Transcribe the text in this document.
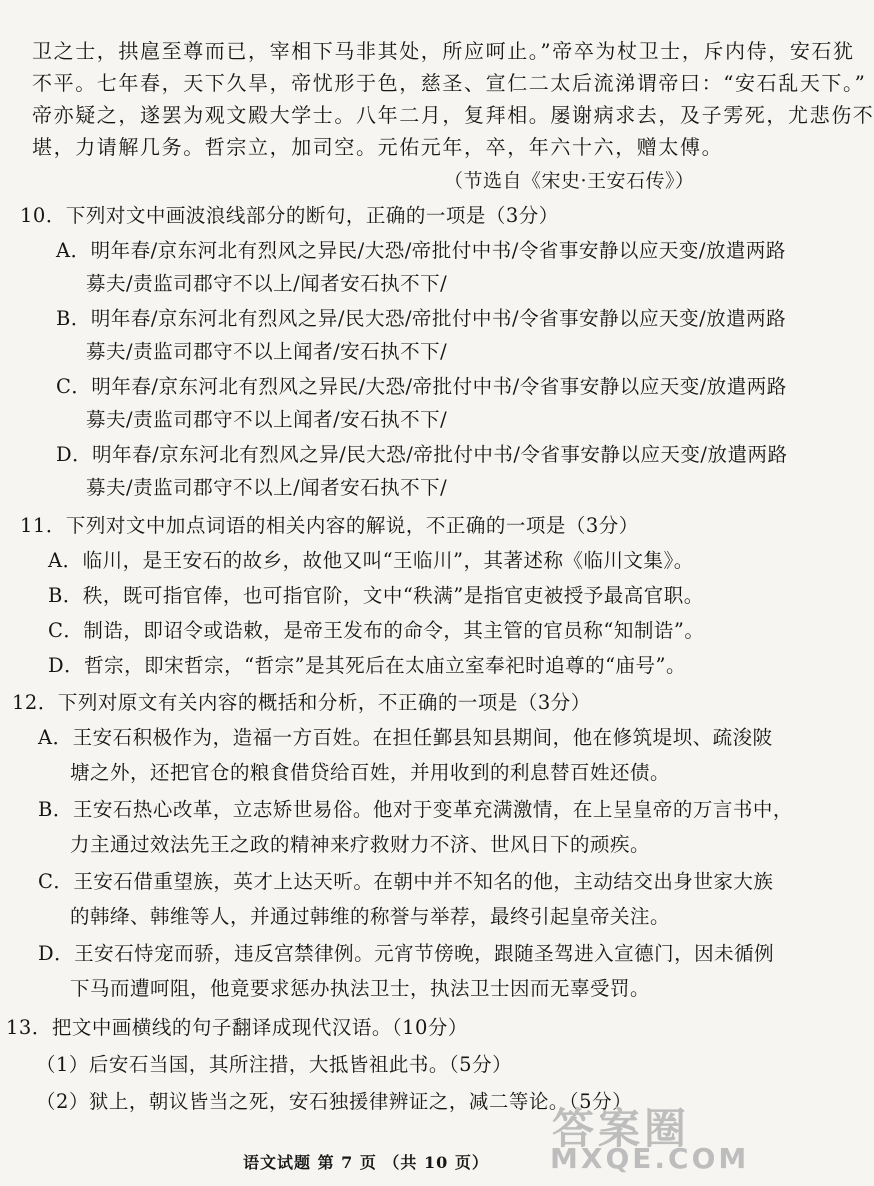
卫之士，拱扈至尊而已，宰相下马非其处，所应呵止。”帝卒为杖卫士，斥内侍，安石犹
不平。七年春，天下久旱，帝忧形于色，慈圣、宣仁二太后流涕谓帝曰：“安石乱天下。”
帝亦疑之，遂罢为观文殿大学士。八年二月，复拜相。屡谢病求去，及子雱死，尤悲伤不
堪，力请解几务。哲宗立，加司空。元佑元年，卒，年六十六，赠太傅。
（节选自《宋史·王安石传》）
10．下列对文中画波浪线部分的断句，正确的一项是（3分）
A．明年春/京东河北有烈风之异民/大恐/帝批付中书/令省事安静以应天变/放遣两路
募夫/责监司郡守不以上/闻者安石执不下/
B．明年春/京东河北有烈风之异/民大恐/帝批付中书/令省事安静以应天变/放遣两路
募夫/责监司郡守不以上闻者/安石执不下/
C．明年春/京东河北有烈风之异民/大恐/帝批付中书/令省事安静以应天变/放遣两路
募夫/责监司郡守不以上闻者/安石执不下/
D．明年春/京东河北有烈风之异/民大恐/帝批付中书/令省事安静以应天变/放遣两路
募夫/责监司郡守不以上/闻者安石执不下/
11．下列对文中加点词语的相关内容的解说，不正确的一项是（3分）
A．临川，是王安石的故乡，故他又叫“王临川”，其著述称《临川文集》。
B．秩，既可指官俸，也可指官阶，文中“秩满”是指官吏被授予最高官职。
C．制诰，即诏令或诰敕，是帝王发布的命令，其主管的官员称“知制诰”。
D．哲宗，即宋哲宗，“哲宗”是其死后在太庙立室奉祀时追尊的“庙号”。
12．下列对原文有关内容的概括和分析，不正确的一项是（3分）
A．王安石积极作为，造福一方百姓。在担任鄞县知县期间，他在修筑堤坝、疏浚陂
塘之外，还把官仓的粮食借贷给百姓，并用收到的利息替百姓还债。
B．王安石热心改革，立志矫世易俗。他对于变革充满激情，在上呈皇帝的万言书中，
力主通过效法先王之政的精神来疗救财力不济、世风日下的顽疾。
C．王安石借重望族，英才上达天听。在朝中并不知名的他，主动结交出身世家大族
的韩绛、韩维等人，并通过韩维的称誉与举荐，最终引起皇帝关注。
D．王安石恃宠而骄，违反宫禁律例。元宵节傍晚，跟随圣驾进入宣德门，因未循例
下马而遭呵阻，他竟要求惩办执法卫士，执法卫士因而无辜受罚。
13．把文中画横线的句子翻译成现代汉语。（10分）
（1）后安石当国，其所注措，大抵皆祖此书。（5分）
（2）狱上，朝议皆当之死，安石独援律辨证之，减二等论。（5分）
语文试题 第 7 页 （共 10 页）
答案圈
MXQE.COM
